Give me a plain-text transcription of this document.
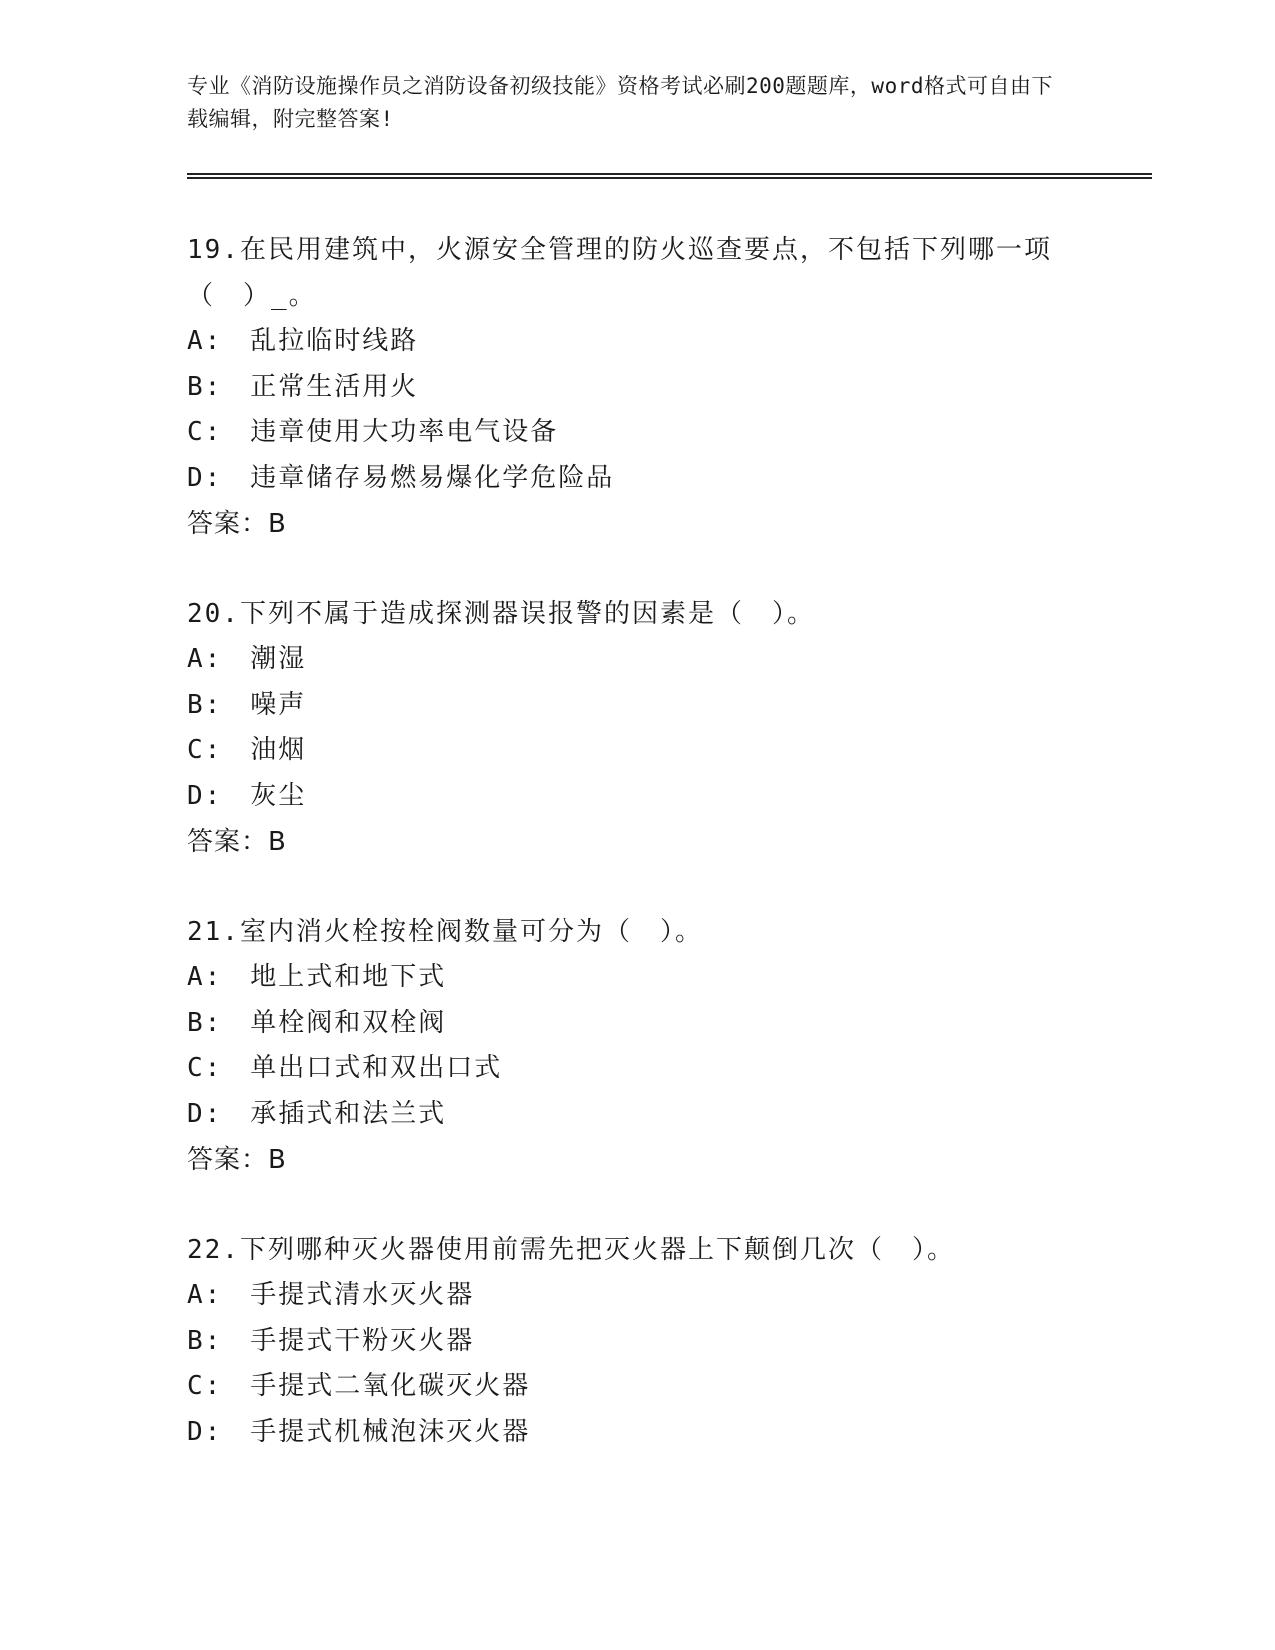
专业《消防设施操作员之消防设备初级技能》资格考试必刷200题题库，word格式可自由下载编辑，附完整答案!

19.在民用建筑中，火源安全管理的防火巡查要点，不包括下列哪一项（　）_。

A:　乱拉临时线路

B:　正常生活用火

C:　违章使用大功率电气设备

D:　违章储存易燃易爆化学危险品

答案：B

20.下列不属于造成探测器误报警的因素是（　）。

A:　潮湿

B:　噪声

C:　油烟

D:　灰尘

答案：B

21.室内消火栓按栓阀数量可分为（　）。

A:　地上式和地下式

B:　单栓阀和双栓阀

C:　单出口式和双出口式

D:　承插式和法兰式

答案：B

22.下列哪种灭火器使用前需先把灭火器上下颠倒几次（　）。

A:　手提式清水灭火器

B:　手提式干粉灭火器

C:　手提式二氧化碳灭火器

D:　手提式机械泡沫灭火器
